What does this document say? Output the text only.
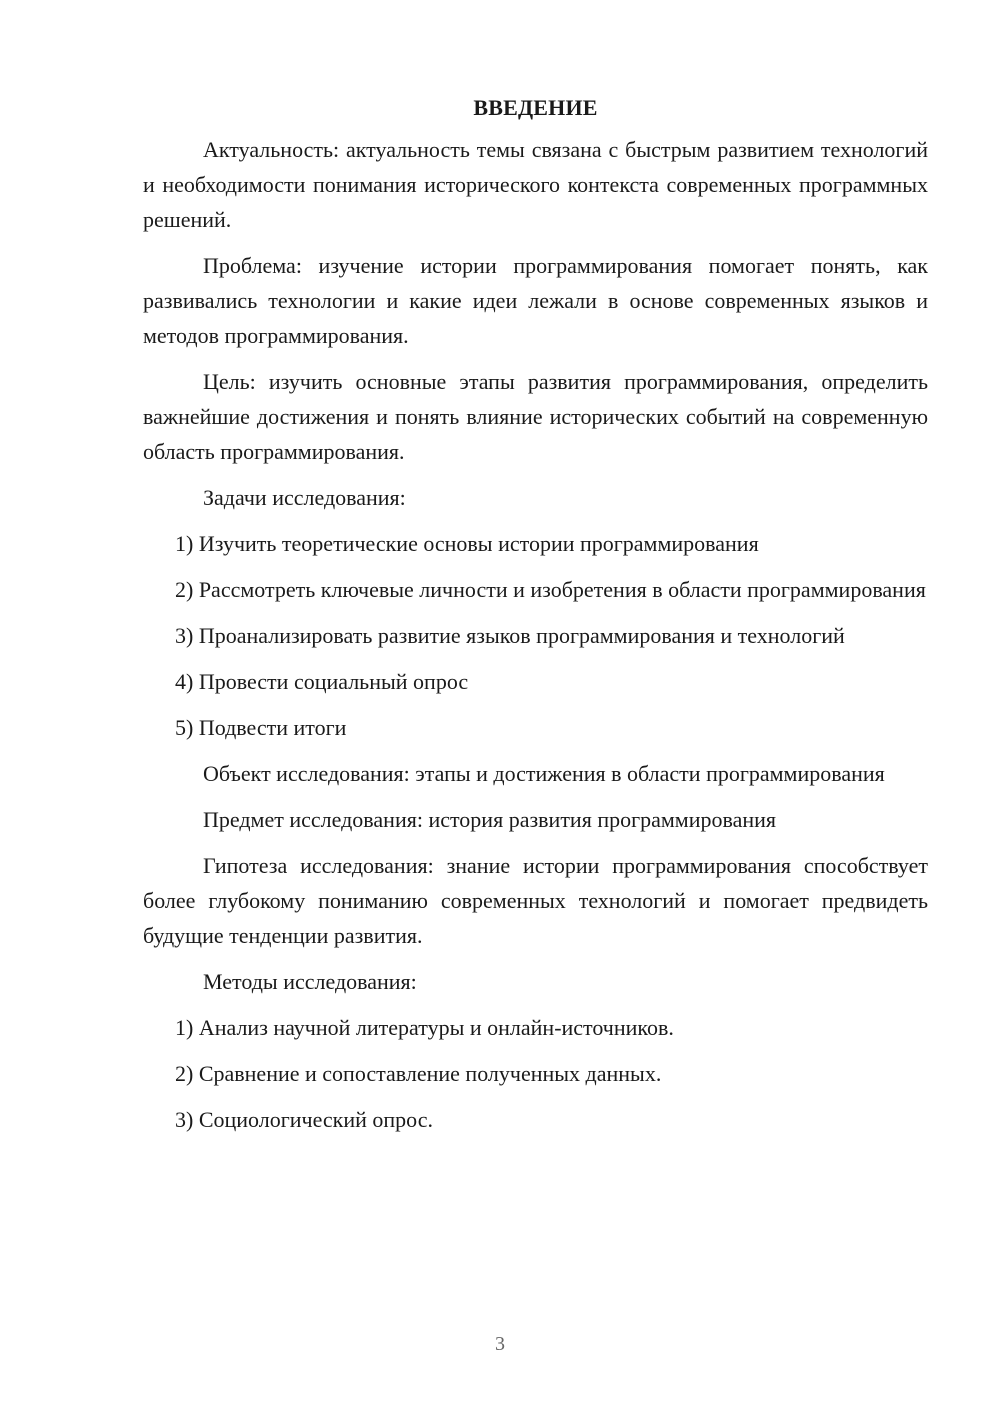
ВВЕДЕНИЕ

Актуальность: актуальность темы связана с быстрым развитием технологий и необходимости понимания исторического контекста современных программных решений.

Проблема: изучение истории программирования помогает понять, как развивались технологии и какие идеи лежали в основе современных языков и методов программирования.

Цель: изучить основные этапы развития программирования, определить важнейшие достижения и понять влияние исторических событий на современную область программирования.

Задачи исследования:

1) Изучить теоретические основы истории программирования

2) Рассмотреть ключевые личности и изобретения в области программирования

3) Проанализировать развитие языков программирования и технологий

4) Провести социальный опрос

5) Подвести итоги

Объект исследования: этапы и достижения в области программирования

Предмет исследования: история развития программирования

Гипотеза исследования: знание истории программирования способствует более глубокому пониманию современных технологий и помогает предвидеть будущие тенденции развития.

Методы исследования:

1) Анализ научной литературы и онлайн-источников.

2) Сравнение и сопоставление полученных данных.

3) Социологический опрос.

3
